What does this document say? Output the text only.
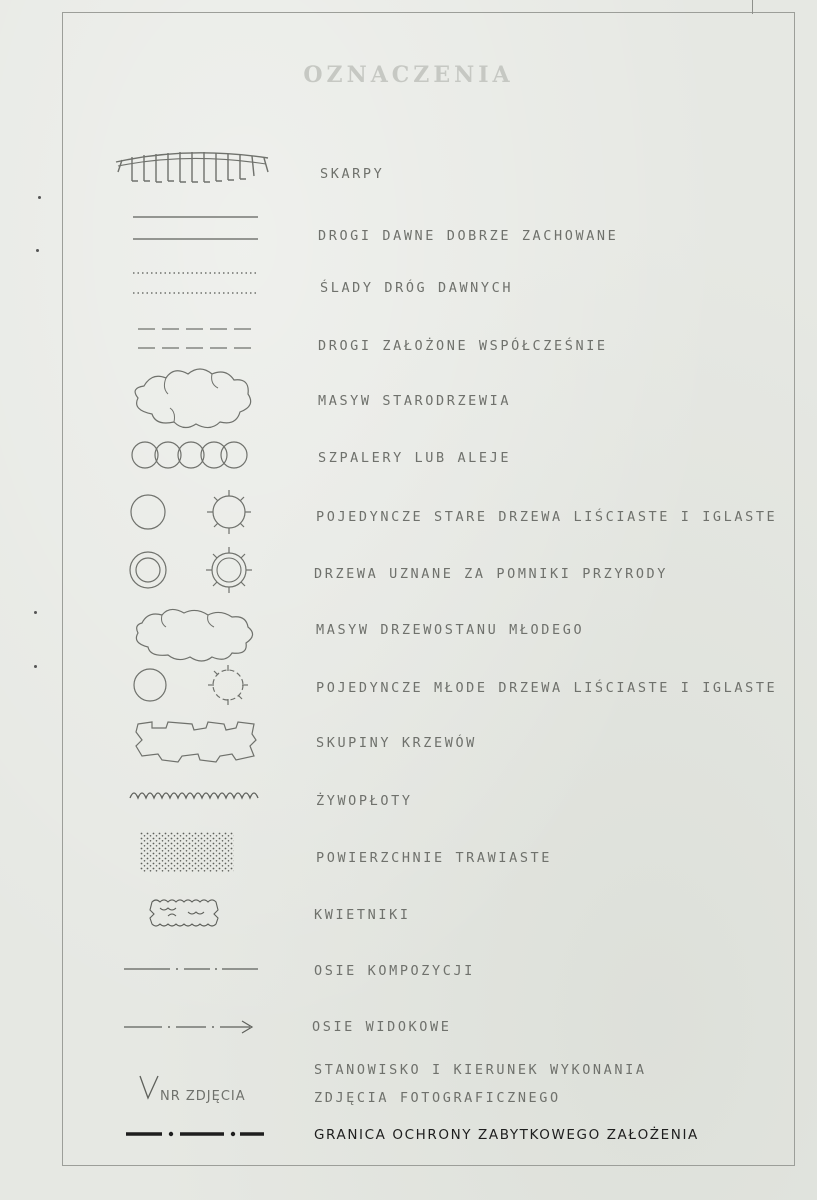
OZNACZENIA
SKARPY
DROGI DAWNE DOBRZE ZACHOWANE
ŚLADY DRÓG DAWNYCH
DROGI ZAŁOŻONE WSPÓŁCZEŚNIE
MASYW STARODRZEWIA
SZPALERY LUB ALEJE
POJEDYNCZE STARE DRZEWA LIŚCIASTE I IGLASTE
DRZEWA UZNANE ZA POMNIKI PRZYRODY
MASYW DRZEWOSTANU MŁODEGO
POJEDYNCZE MŁODE DRZEWA LIŚCIASTE I IGLASTE
SKUPINY KRZEWÓW
ŻYWOPŁOTY
POWIERZCHNIE TRAWIASTE
KWIETNIKI
OSIE KOMPOZYCJI
OSIE WIDOKOWE
NR ZDJĘCIA
STANOWISKO I KIERUNEK WYKONANIA
ZDJĘCIA FOTOGRAFICZNEGO
GRANICA OCHRONY ZABYTKOWEGO ZAŁOŻENIA
